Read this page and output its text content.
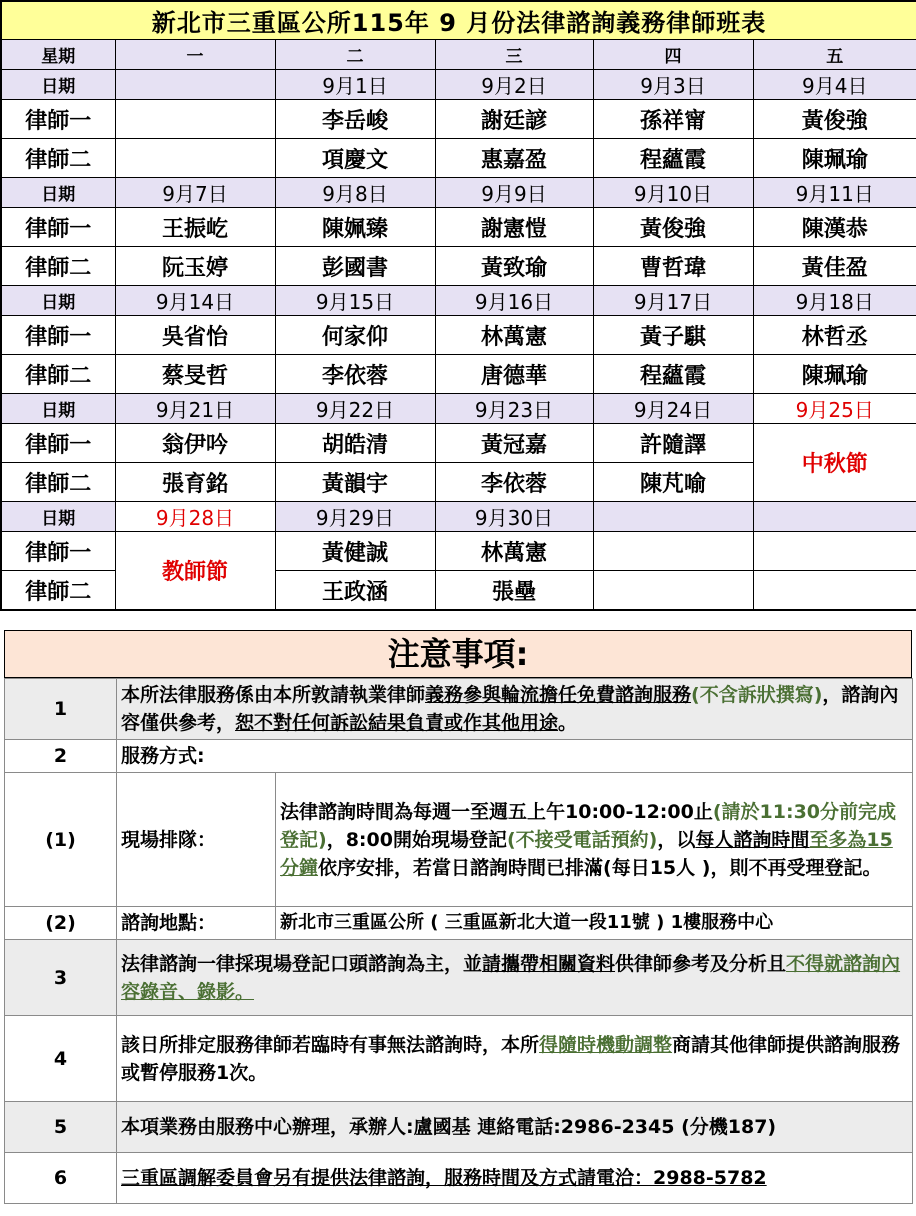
新北市三重區公所115年 9 月份法律諮詢義務律師班表					
星期	一	二	三	四	五
日期		9月1日	9月2日	9月3日	9月4日
律師一		李岳峻	謝廷諺	孫祥甯	黃俊強
律師二		項慶文	惠嘉盈	程蘊霞	陳珮瑜
日期	9月7日	9月8日	9月9日	9月10日	9月11日
律師一	王振屹	陳姵臻	謝憲愷	黃俊強	陳漢恭
律師二	阮玉婷	彭國書	黃致瑜	曹哲瑋	黃佳盈
日期	9月14日	9月15日	9月16日	9月17日	9月18日
律師一	吳省怡	何家仰	林萬憲	黃子騏	林哲丞
律師二	蔡旻哲	李依蓉	唐德華	程蘊霞	陳珮瑜
日期	9月21日	9月22日	9月23日	9月24日	9月25日
律師一	翁伊吟	胡皓清	黃冠嘉	許隨譯	中秋節
律師二	張育銘	黃韻宇	李依蓉	陳芃喻	
日期	9月28日	9月29日	9月30日		
律師一	教師節	黃健誠	林萬憲		
律師二		王政涵	張壘		
注意事項:
1	本所法律服務係由本所敦請執業律師義務參與輪流擔任免費諮詢服務(不含訴狀撰寫)，諮詢內容僅供參考，恕不對任何訴訟結果負責或作其他用途。	
2	服務方式:	
(1)	現場排隊：	法律諮詢時間為每週一至週五上午10:00-12:00止(請於11:30分前完成登記)，8:00開始現場登記(不接受電話預約)，以每人諮詢時間至多為15分鐘依序安排，若當日諮詢時間已排滿(每日15人 )，則不再受理登記。
(2)	諮詢地點：	新北市三重區公所 ( 三重區新北大道一段11號 ) 1樓服務中心
3	法律諮詢一律採現場登記口頭諮詢為主，並請攜帶相關資料供律師參考及分析且不得就諮詢內容錄音、錄影。	
4	該日所排定服務律師若臨時有事無法諮詢時，本所得隨時機動調整商請其他律師提供諮詢服務或暫停服務1次。	
5	本項業務由服務中心辦理，承辦人:盧國基 連絡電話:2986-2345 (分機187)	
6	三重區調解委員會另有提供法律諮詢，服務時間及方式請電洽：2988-5782	
